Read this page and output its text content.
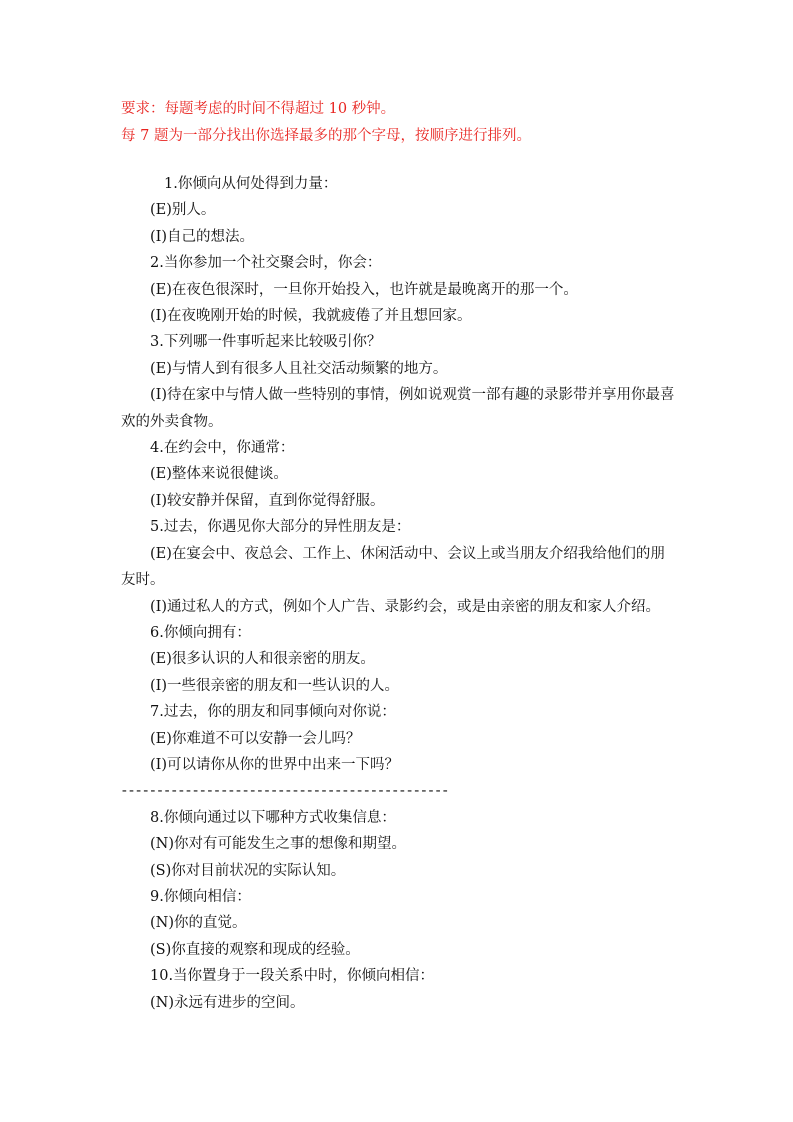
要求：每题考虑的时间不得超过 10 秒钟。
每 7 题为一部分找出你选择最多的那个字母，按顺序进行排列。

1.你倾向从何处得到力量：

(E)别人。

(I)自己的想法。

2.当你参加一个社交聚会时，你会：

(E)在夜色很深时，一旦你开始投入，也许就是最晚离开的那一个。

(I)在夜晚刚开始的时候，我就疲倦了并且想回家。

3.下列哪一件事听起来比较吸引你？

(E)与情人到有很多人且社交活动频繁的地方。

(I)待在家中与情人做一些特别的事情，例如说观赏一部有趣的录影带并享用你最喜欢的外卖食物。

4.在约会中，你通常：

(E)整体来说很健谈。

(I)较安静并保留，直到你觉得舒服。

5.过去，你遇见你大部分的异性朋友是：

(E)在宴会中、夜总会、工作上、休闲活动中、会议上或当朋友介绍我给他们的朋友时。

(I)通过私人的方式，例如个人广告、录影约会，或是由亲密的朋友和家人介绍。

6.你倾向拥有：

(E)很多认识的人和很亲密的朋友。

(I)一些很亲密的朋友和一些认识的人。

7.过去，你的朋友和同事倾向对你说：

(E)你难道不可以安静一会儿吗？

(I)可以请你从你的世界中出来一下吗？

----------------------------------------------

8.你倾向通过以下哪种方式收集信息：

(N)你对有可能发生之事的想像和期望。

(S)你对目前状况的实际认知。

9.你倾向相信：

(N)你的直觉。

(S)你直接的观察和现成的经验。

10.当你置身于一段关系中时，你倾向相信：

(N)永远有进步的空间。
